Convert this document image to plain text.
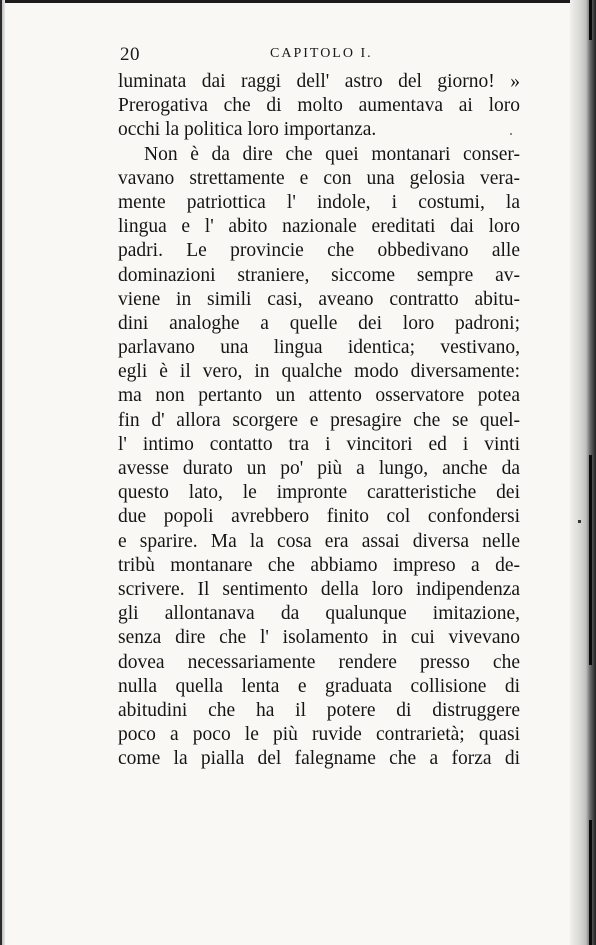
20	CAPITOLO I.
luminata dai raggi dell' astro del giorno! »
Prerogativa che di molto aumentava ai loro
occhi la politica loro importanza.
Non è da dire che quei montanari conser-
vavano strettamente e con una gelosia vera-
mente patriottica l' indole, i costumi, la
lingua e l' abito nazionale ereditati dai loro
padri. Le provincie che obbedivano alle
dominazioni straniere, siccome sempre av-
viene in simili casi, aveano contratto abitu-
dini analoghe a quelle dei loro padroni;
parlavano una lingua identica; vestivano,
egli è il vero, in qualche modo diversamente:
ma non pertanto un attento osservatore potea
fin d' allora scorgere e presagire che se quel-
l' intimo contatto tra i vincitori ed i vinti
avesse durato un po' più a lungo, anche da
questo lato, le impronte caratteristiche dei
due popoli avrebbero finito col confondersi
e sparire. Ma la cosa era assai diversa nelle
tribù montanare che abbiamo impreso a de-
scrivere. Il sentimento della loro indipendenza
gli allontanava da qualunque imitazione,
senza dire che l' isolamento in cui vivevano
dovea necessariamente rendere presso che
nulla quella lenta e graduata collisione di
abitudini che ha il potere di distruggere
poco a poco le più ruvide contrarietà; quasi
come la pialla del falegname che a forza di
